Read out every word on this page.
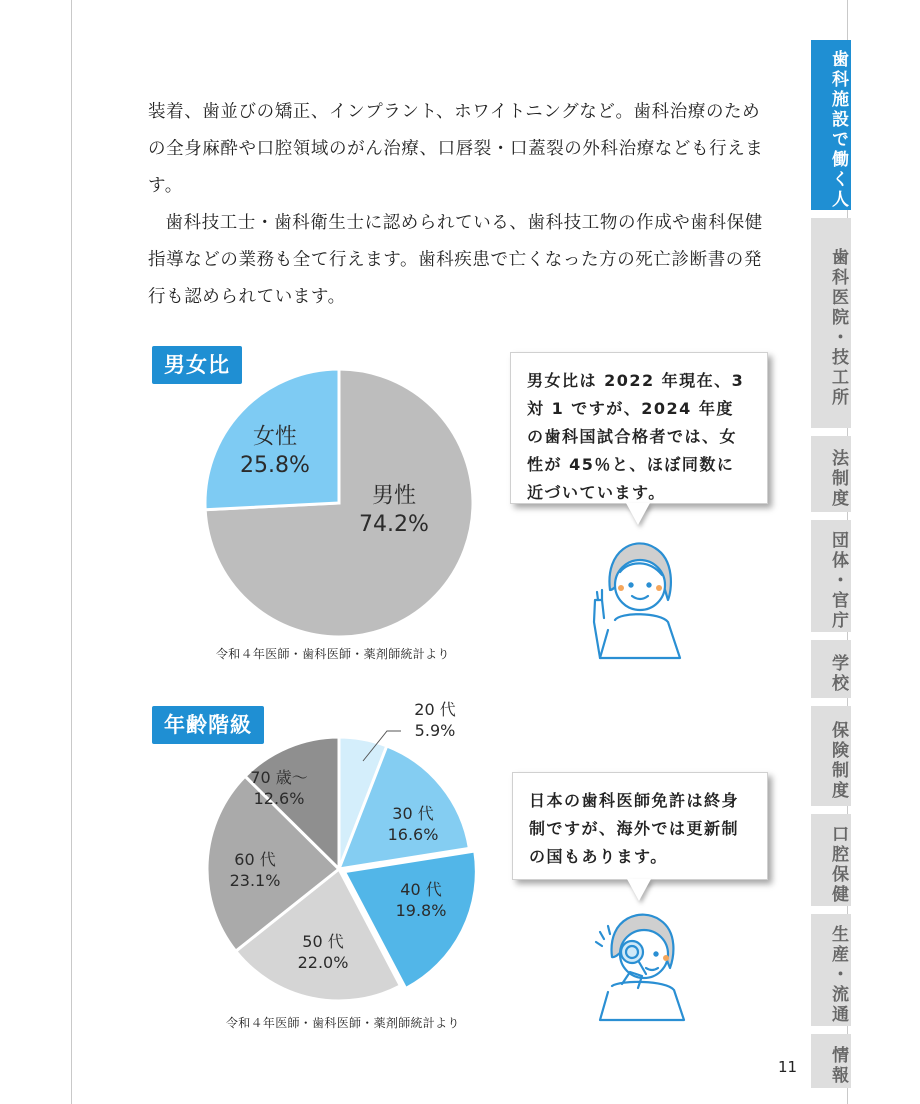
装着、歯並びの矯正、インプラント、ホワイトニングなど。歯科治療のための全身麻酔や口腔領域のがん治療、口唇裂・口蓋裂の外科治療なども行えます。

歯科技工士・歯科衛生士に認められている、歯科技工物の作成や歯科保健指導などの業務も全て行えます。歯科疾患で亡くなった方の死亡診断書の発行も認められています。

男女比
男性
74.2%
女性
25.8%
令和４年医師・歯科医師・薬剤師統計より
男女比は 2022 年現在、3 対 1 ですが、2024 年度の歯科国試合格者では、女性が 45％と、ほぼ同数に近づいています。
年齢階級
20 代
5.9%
30 代
16.6%
40 代
19.8%
50 代
22.0%
60 代
23.1%
70 歳～
12.6%
令和４年医師・歯科医師・薬剤師統計より
日本の歯科医師免許は終身制ですが、海外では更新制の国もあります。
歯科施設で働く人
歯科医院・技工所
法制度
団体・官庁
学校
保険制度
口腔保健
生産・流通
情報
11
